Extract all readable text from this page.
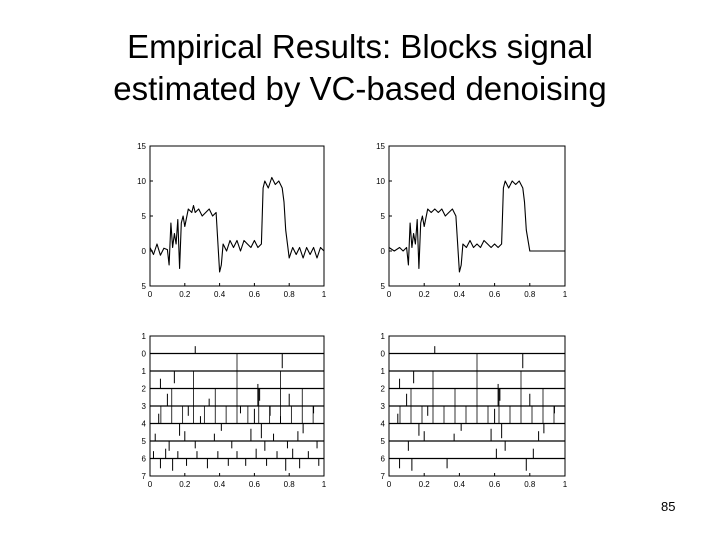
Empirical Results: Blocks signal
estimated by VC-based denoising
0	0.2	0.4	0.6	0.8	1
15
10
5
0
5
0	0.2	0.4	0.6	0.8	1
15
10
5
0
5
0	0.2	0.4	0.6	0.8	1
1
0
1
2
3
4
5
6
7
0	0.2	0.4	0.6	0.8	1
1
0
1
2
3
4
5
6
7
85
